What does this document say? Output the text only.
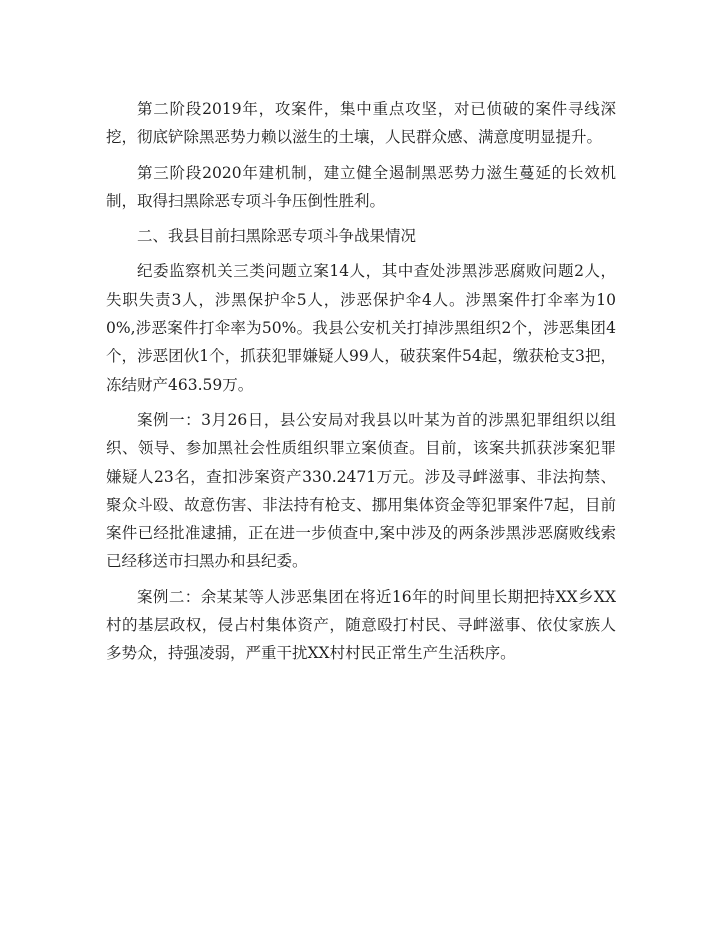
第二阶段2019年，攻案件，集中重点攻坚，对已侦破的案件寻线深挖，彻底铲除黑恶势力赖以滋生的土壤，人民群众感、满意度明显提升。

第三阶段2020年建机制，建立健全遏制黑恶势力滋生蔓延的长效机制，取得扫黑除恶专项斗争压倒性胜利。

二、我县目前扫黑除恶专项斗争战果情况

纪委监察机关三类问题立案14人，其中查处涉黑涉恶腐败问题2人，失职失责3人，涉黑保护伞5人，涉恶保护伞4人。涉黑案件打伞率为100%,涉恶案件打伞率为50%。我县公安机关打掉涉黑组织2个，涉恶集团4个，涉恶团伙1个，抓获犯罪嫌疑人99人，破获案件54起，缴获枪支3把，冻结财产463.59万。

案例一：3月26日，县公安局对我县以叶某为首的涉黑犯罪组织以组织、领导、参加黑社会性质组织罪立案侦查。目前，该案共抓获涉案犯罪嫌疑人23名，查扣涉案资产330.2471万元。涉及寻衅滋事、非法拘禁、聚众斗殴、故意伤害、非法持有枪支、挪用集体资金等犯罪案件7起，目前案件已经批准逮捕，正在进一步侦查中,案中涉及的两条涉黑涉恶腐败线索已经移送市扫黑办和县纪委。

案例二：余某某等人涉恶集团在将近16年的时间里长期把持XX乡XX村的基层政权，侵占村集体资产，随意殴打村民、寻衅滋事、依仗家族人多势众，持强凌弱，严重干扰XX村村民正常生产生活秩序。
